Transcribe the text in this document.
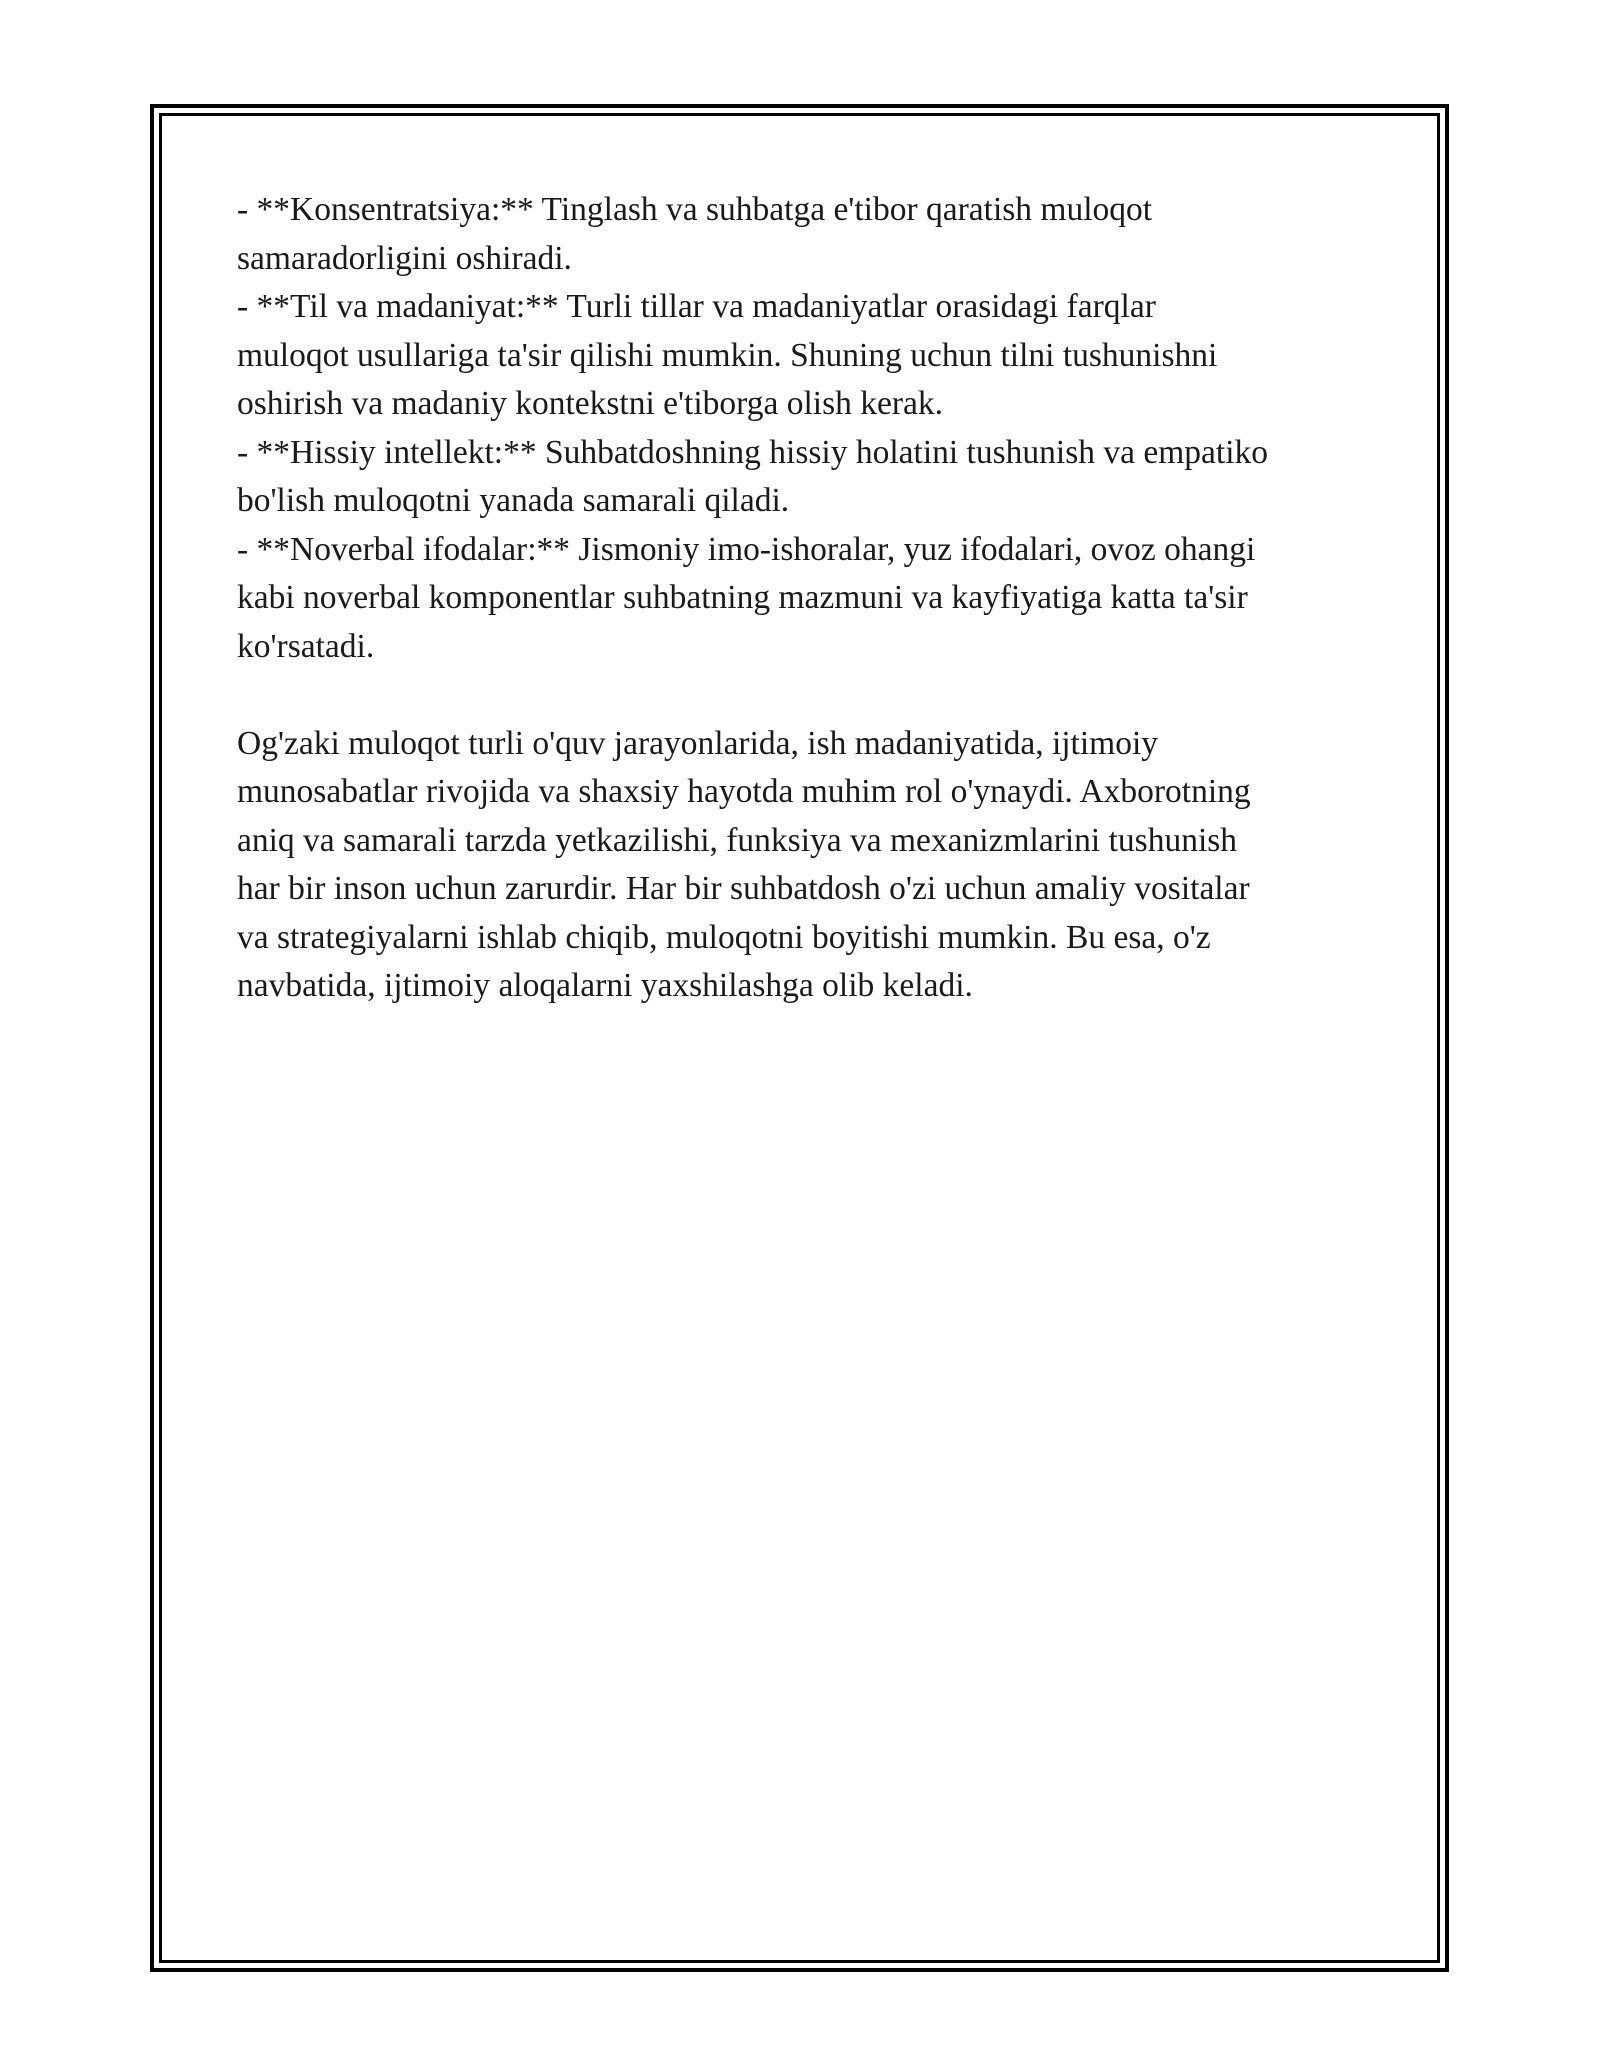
- **Konsentratsiya:** Tinglash va suhbatga e'tibor qaratish muloqot

samaradorligini oshiradi.

- **Til va madaniyat:** Turli tillar va madaniyatlar orasidagi farqlar

muloqot usullariga ta'sir qilishi mumkin. Shuning uchun tilni tushunishni

oshirish va madaniy kontekstni e'tiborga olish kerak.

- **Hissiy intellekt:** Suhbatdoshning hissiy holatini tushunish va empatiko

bo'lish muloqotni yanada samarali qiladi.

- **Noverbal ifodalar:** Jismoniy imo-ishoralar, yuz ifodalari, ovoz ohangi

kabi noverbal komponentlar suhbatning mazmuni va kayfiyatiga katta ta'sir

ko'rsatadi.

Og'zaki muloqot turli o'quv jarayonlarida, ish madaniyatida, ijtimoiy

munosabatlar rivojida va shaxsiy hayotda muhim rol o'ynaydi. Axborotning

aniq va samarali tarzda yetkazilishi, funksiya va mexanizmlarini tushunish

har bir inson uchun zarurdir. Har bir suhbatdosh o'zi uchun amaliy vositalar

va strategiyalarni ishlab chiqib, muloqotni boyitishi mumkin. Bu esa, o'z

navbatida, ijtimoiy aloqalarni yaxshilashga olib keladi.
